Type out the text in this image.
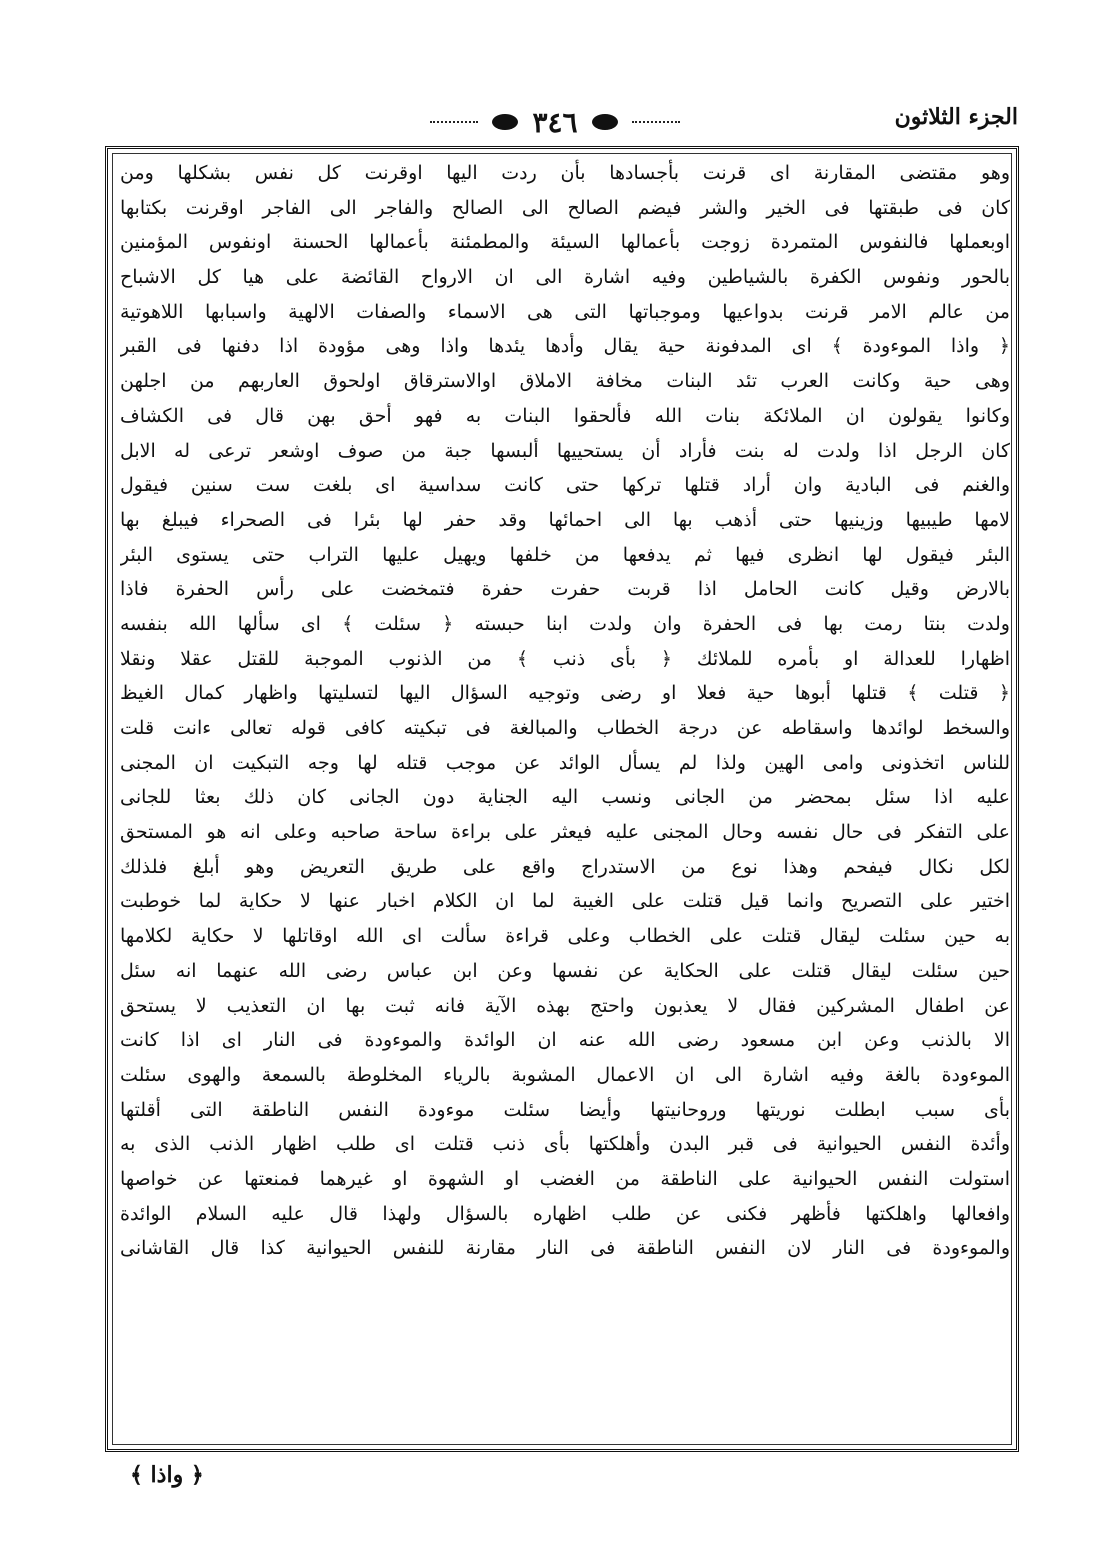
الجزء الثلاثون
٣٤٦
وهو مقتضى المقارنة اى قرنت بأجسادها بأن ردت اليها اوقرنت كل نفس بشكلها ومن
كان فى طبقتها فى الخير والشر فيضم الصالح الى الصالح والفاجر الى الفاجر اوقرنت بكتابها
اوبعملها فالنفوس المتمردة زوجت بأعمالها السيئة والمطمئنة بأعمالها الحسنة اونفوس المؤمنين
بالحور ونفوس الكفرة بالشياطين وفيه اشارة الى ان الارواح القائضة على هيا كل الاشباح
من عالم الامر قرنت بدواعيها وموجباتها التى هى الاسماء والصفات الالهية واسبابها اللاهوتية
﴿ واذا الموءودة ﴾ اى المدفونة حية يقال وأدها يئدها واذا وهى مؤودة اذا دفنها فى القبر
وهى حية وكانت العرب تئد البنات مخافة الاملاق اوالاسترقاق اولحوق العاربهم من اجلهن
وكانوا يقولون ان الملائكة بنات الله فألحقوا البنات به فهو أحق بهن قال فى الكشاف
كان الرجل اذا ولدت له بنت فأراد أن يستحييها ألبسها جبة من صوف اوشعر ترعى له الابل
والغنم فى البادية وان أراد قتلها تركها حتى كانت سداسية اى بلغت ست سنين فيقول
لامها طيبيها وزينيها حتى أذهب بها الى احمائها وقد حفر لها بئرا فى الصحراء فيبلغ بها
البئر فيقول لها انظرى فيها ثم يدفعها من خلفها ويهيل عليها التراب حتى يستوى البئر
بالارض وقيل كانت الحامل اذا قربت حفرت حفرة فتمخضت على رأس الحفرة فاذا
ولدت بنتا رمت بها فى الحفرة وان ولدت ابنا حبسته ﴿ سئلت ﴾ اى سألها الله بنفسه
اظهارا للعدالة او بأمره للملائك ﴿ بأى ذنب ﴾ من الذنوب الموجبة للقتل عقلا ونقلا
﴿ قتلت ﴾ قتلها أبوها حية فعلا او رضى وتوجيه السؤال اليها لتسليتها واظهار كمال الغيظ
والسخط لوائدها واسقاطه عن درجة الخطاب والمبالغة فى تبكيته كافى قوله تعالى ءانت قلت
للناس اتخذونى وامى الهين ولذا لم يسأل الوائد عن موجب قتله لها وجه التبكيت ان المجنى
عليه اذا سئل بمحضر من الجانى ونسب اليه الجناية دون الجانى كان ذلك بعثا للجانى
على التفكر فى حال نفسه وحال المجنى عليه فيعثر على براءة ساحة صاحبه وعلى انه هو المستحق
لكل نكال فيفحم وهذا نوع من الاستدراج واقع على طريق التعريض وهو أبلغ فلذلك
اختير على التصريح وانما قيل قتلت على الغيبة لما ان الكلام اخبار عنها لا حكاية لما خوطبت
به حين سئلت ليقال قتلت على الخطاب وعلى قراءة سألت اى الله اوقاتلها لا حكاية لكلامها
حين سئلت ليقال قتلت على الحكاية عن نفسها وعن ابن عباس رضى الله عنهما انه سئل
عن اطفال المشركين فقال لا يعذبون واحتج بهذه الآية فانه ثبت بها ان التعذيب لا يستحق
الا بالذنب وعن ابن مسعود رضى الله عنه ان الوائدة والموءودة فى النار اى اذا كانت
الموءودة بالغة وفيه اشارة الى ان الاعمال المشوبة بالرياء المخلوطة بالسمعة والهوى سئلت
بأى سبب ابطلت نوريتها وروحانيتها وأيضا سئلت موءودة النفس الناطقة التى أقلتها
وأئدة النفس الحيوانية فى قبر البدن وأهلكتها بأى ذنب قتلت اى طلب اظهار الذنب الذى به
استولت النفس الحيوانية على الناطقة من الغضب او الشهوة او غيرهما فمنعتها عن خواصها
وافعالها واهلكتها فأظهر فكنى عن طلب اظهاره بالسؤال ولهذا قال عليه السلام الوائدة
والموءودة فى النار لان النفس الناطقة فى النار مقارنة للنفس الحيوانية كذا قال القاشانى
﴿ واذا ﴾
